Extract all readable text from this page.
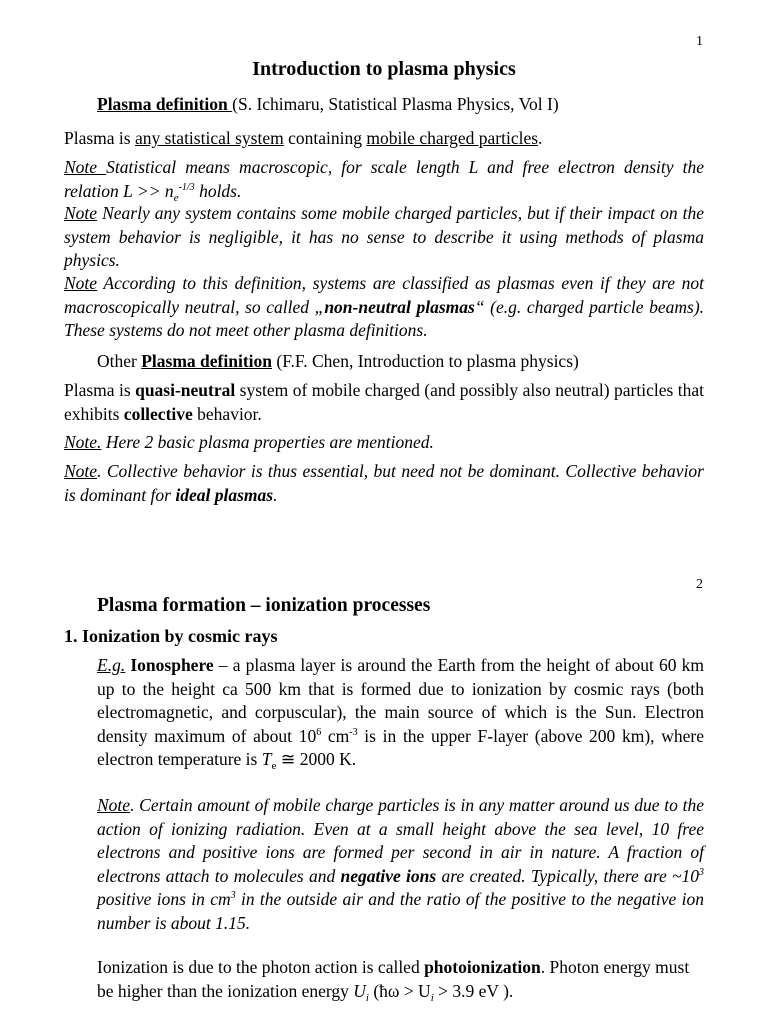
1
Introduction to plasma physics
Plasma definition (S. Ichimaru, Statistical Plasma Physics, Vol I)
Plasma is any statistical system containing mobile charged particles.
Note Statistical means macroscopic, for scale length L and free electron density the relation $L >> n_e^{-1/3}$ holds.
Note Nearly any system contains some mobile charged particles, but if their impact on the system behavior is negligible, it has no sense to describe it using methods of plasma physics.
Note According to this definition, systems are classified as plasmas even if they are not macroscopically neutral, so called „non-neutral plasmas“ (e.g. charged particle beams). These systems do not meet other plasma definitions.
Other Plasma definition (F.F. Chen, Introduction to plasma physics)
Plasma is quasi-neutral system of mobile charged (and possibly also neutral) particles that exhibits collective behavior.
Note. Here 2 basic plasma properties are mentioned.
Note. Collective behavior is thus essential, but need not be dominant. Collective behavior is dominant for ideal plasmas.
2
Plasma formation – ionization processes
1. Ionization by cosmic rays
E.g. Ionosphere – a plasma layer is around the Earth from the height of about 60 km up to the height ca 500 km that is formed due to ionization by cosmic rays (both electromagnetic, and corpuscular), the main source of which is the Sun. Electron density maximum of about $10^6$ $cm^{-3}$ is in the upper F-layer (above 200 km), where electron temperature is $T_e$ ≅ 2000 K.
Note. Certain amount of mobile charge particles is in any matter around us due to the action of ionizing radiation. Even at a small height above the sea level, 10 free electrons and positive ions are formed per second in air in nature. A fraction of electrons attach to molecules and negative ions are created. Typically, there are $\sim 10^3$ positive ions in $cm^3$ in the outside air and the ratio of the positive to the negative ion number is about 1.15.
Ionization is due to the photon action is called photoionization. Photon energy must be higher than the ionization energy $U_i$ (ħω > $U_i > 3.9$ eV ).
